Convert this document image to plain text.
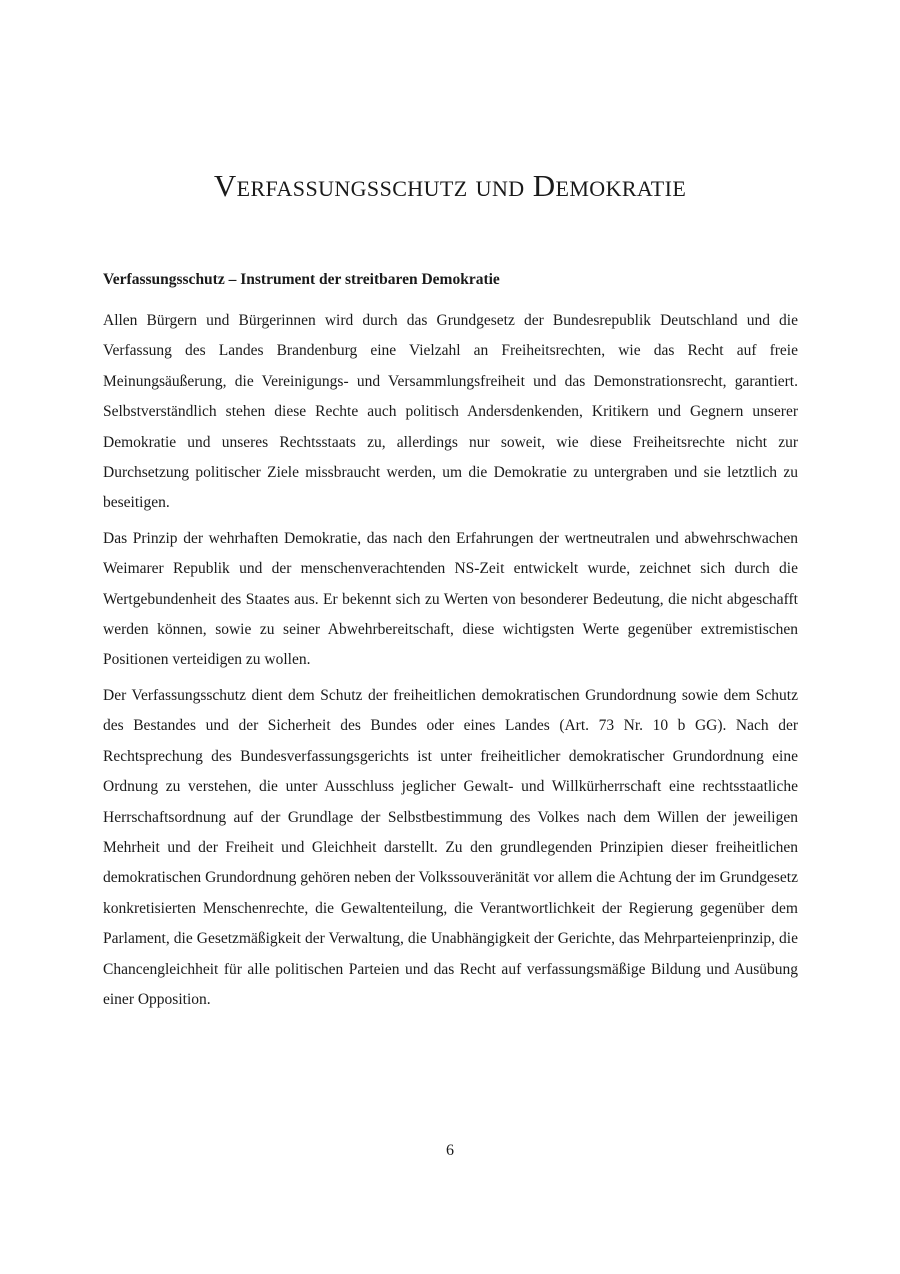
Verfassungsschutz und Demokratie

Verfassungsschutz – Instrument der streitbaren Demokratie

Allen Bürgern und Bürgerinnen wird durch das Grundgesetz der Bundesrepublik Deutschland und die Verfassung des Landes Brandenburg eine Vielzahl an Freiheitsrechten, wie das Recht auf freie Meinungsäußerung, die Vereinigungs- und Versammlungsfreiheit und das Demonstrationsrecht, garantiert. Selbstverständlich stehen diese Rechte auch politisch Andersdenkenden, Kritikern und Gegnern unserer Demokratie und unseres Rechtsstaats zu, allerdings nur soweit, wie diese Freiheitsrechte nicht zur Durchsetzung politischer Ziele missbraucht werden, um die Demokratie zu untergraben und sie letztlich zu beseitigen.

Das Prinzip der wehrhaften Demokratie, das nach den Erfahrungen der wertneutralen und abwehrschwachen Weimarer Republik und der menschenverachtenden NS-Zeit entwickelt wurde, zeichnet sich durch die Wertgebundenheit des Staates aus. Er bekennt sich zu Werten von besonderer Bedeutung, die nicht abgeschafft werden können, sowie zu seiner Abwehrbereitschaft, diese wichtigsten Werte gegenüber extremistischen Positionen verteidigen zu wollen.

Der Verfassungsschutz dient dem Schutz der freiheitlichen demokratischen Grundordnung sowie dem Schutz des Bestandes und der Sicherheit des Bundes oder eines Landes (Art. 73 Nr. 10 b GG). Nach der Rechtsprechung des Bundesverfassungsgerichts ist unter freiheitlicher demokratischer Grundordnung eine Ordnung zu verstehen, die unter Ausschluss jeglicher Gewalt- und Willkürherrschaft eine rechtsstaatliche Herrschaftsordnung auf der Grundlage der Selbstbestimmung des Volkes nach dem Willen der jeweiligen Mehrheit und der Freiheit und Gleichheit darstellt. Zu den grundlegenden Prinzipien dieser freiheitlichen demokratischen Grundordnung gehören neben der Volkssouveränität vor allem die Achtung der im Grundgesetz konkretisierten Menschenrechte, die Gewaltenteilung, die Verantwortlichkeit der Regierung gegenüber dem Parlament, die Gesetzmäßigkeit der Verwaltung, die Unabhängigkeit der Gerichte, das Mehrparteienprinzip, die Chancengleichheit für alle politischen Parteien und das Recht auf verfassungsmäßige Bildung und Ausübung einer Opposition.

6
